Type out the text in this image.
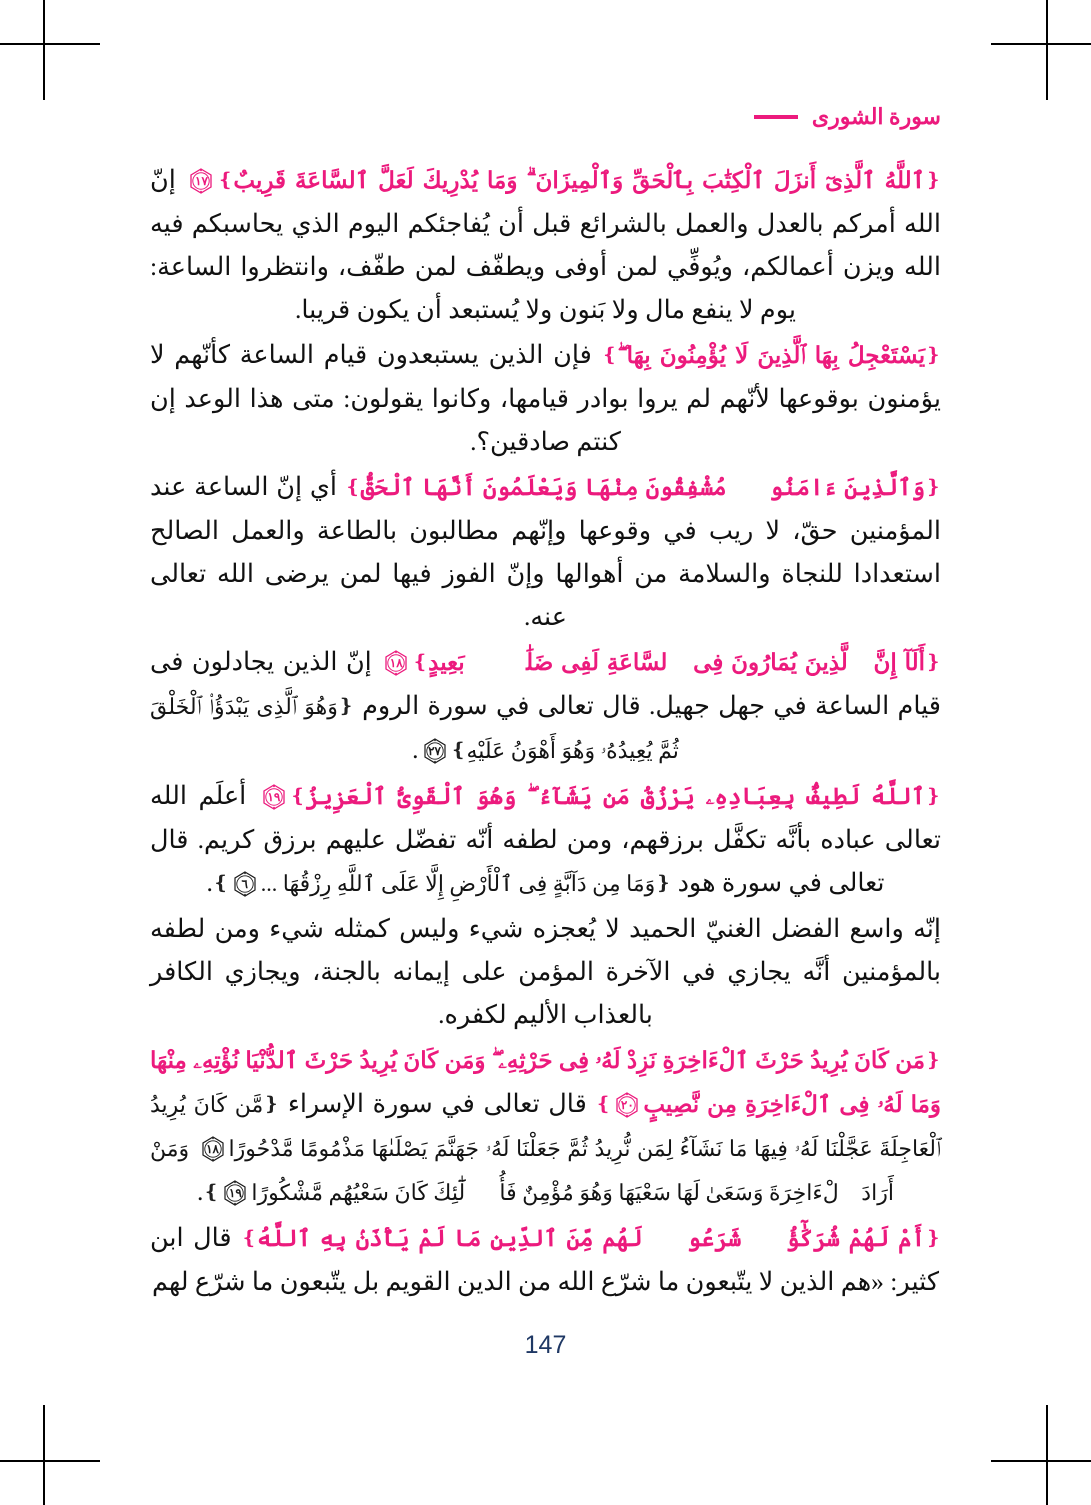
سورة الشورى

❴ٱللَّهُ ٱلَّذِىٓ أَنزَلَ ٱلْكِتَٰبَ بِٱلْحَقِّ وَٱلْمِيزَانَ ۗ وَمَا يُدْرِيكَ لَعَلَّ ٱلسَّاعَةَ قَرِيبٌ❵
١٧
إنّ الله أمركم بالعدل والعمل بالشرائع قبل أن يُفاجئكم اليوم الذي يحاسبكم فيه الله ويزن أعمالكم، ويُوفِّي لمن أوفى ويطفّف لمن طفّف، وانتظروا الساعة: يوم لا ينفع مال ولا بَنون ولا يُستبعد أن يكون قريبا.

❴يَسْتَعْجِلُ بِهَا ٱلَّذِينَ لَا يُؤْمِنُونَ بِهَا ۖ❵ فإن الذين يستبعدون قيام الساعة كأنّهم لا يؤمنون بوقوعها لأنّهم لم يروا بوادر قيامها، وكانوا يقولون: متى هذا الوعد إن كنتم صادقين؟.

❴وَٱلَّذِينَ ءَامَنُوا۟ مُشْفِقُونَ مِنْهَا وَيَعْلَمُونَ أَنَّهَا ٱلْحَقُّ❵ أي إنّ الساعة عند المؤمنين حقّ، لا ريب في وقوعها وإنّهم مطالبون بالطاعة والعمل الصالح استعدادا للنجاة والسلامة من أهوالها وإنّ الفوز فيها لمن يرضى الله تعالى عنه.

❴أَلَآ إِنَّ ٱلَّذِينَ يُمَارُونَ فِى ٱلسَّاعَةِ لَفِى ضَلَٰلٍۭ بَعِيدٍ❵
١٨
إنّ الذين يجادلون فى قيام الساعة في جهل جهيل. قال تعالى في سورة الروم ❴وَهُوَ ٱلَّذِى يَبْدَؤُا۟ ٱلْخَلْقَ ثُمَّ يُعِيدُهُۥ وَهُوَ أَهْوَنُ عَلَيْهِ❵
٢٧
.

❴ٱللَّهُ لَطِيفٌۢ بِعِبَادِهِۦ يَرْزُقُ مَن يَشَآءُ ۖ وَهُوَ ٱلْقَوِىُّ ٱلْعَزِيزُ❵
١٩
أعلَم الله تعالى عباده بأنَّه تكفَّل برزقهم، ومن لطفه أنّه تفضّل عليهم برزق كريم. قال تعالى في سورة هود ❴وَمَا مِن دَآبَّةٍ فِى ٱلْأَرْضِ إِلَّا عَلَى ٱللَّهِ رِزْقُهَا ...
٦
❵.

إنّه واسع الفضل الغنيّ الحميد لا يُعجزه شيء وليس كمثله شيء ومن لطفه بالمؤمنين أنَّه يجازي في الآخرة المؤمن على إيمانه بالجنة، ويجازي الكافر بالعذاب الأليم لكفره.

❴مَن كَانَ يُرِيدُ حَرْثَ ٱلْءَاخِرَةِ نَزِدْ لَهُۥ فِى حَرْثِهِۦ ۖ وَمَن كَانَ يُرِيدُ حَرْثَ ٱلدُّنْيَا نُؤْتِهِۦ مِنْهَا وَمَا لَهُۥ فِى ٱلْءَاخِرَةِ مِن نَّصِيبٍ
٢٠
❵ قال تعالى في سورة الإسراء ❴مَّن كَانَ يُرِيدُ ٱلْعَاجِلَةَ عَجَّلْنَا لَهُۥ فِيهَا مَا نَشَآءُ لِمَن نُّرِيدُ ثُمَّ جَعَلْنَا لَهُۥ جَهَنَّمَ يَصْلَىٰهَا مَذْمُومًا مَّدْحُورًا
١٨
وَمَنْ أَرَادَ ٱلْءَاخِرَةَ وَسَعَىٰ لَهَا سَعْيَهَا وَهُوَ مُؤْمِنٌ فَأُو۟لَٰٓئِكَ كَانَ سَعْيُهُم مَّشْكُورًا
١٩
❵.

❴أَمْ لَهُمْ شُرَكَٰٓؤُا۟ شَرَعُوا۟ لَهُم مِّنَ ٱلدِّينِ مَا لَمْ يَأْذَنۢ بِهِ ٱللَّهُ❵ قال ابن كثير: «هم الذين لا يتّبعون ما شرّع الله من الدين القويم بل يتّبعون ما شرّع لهم

147
